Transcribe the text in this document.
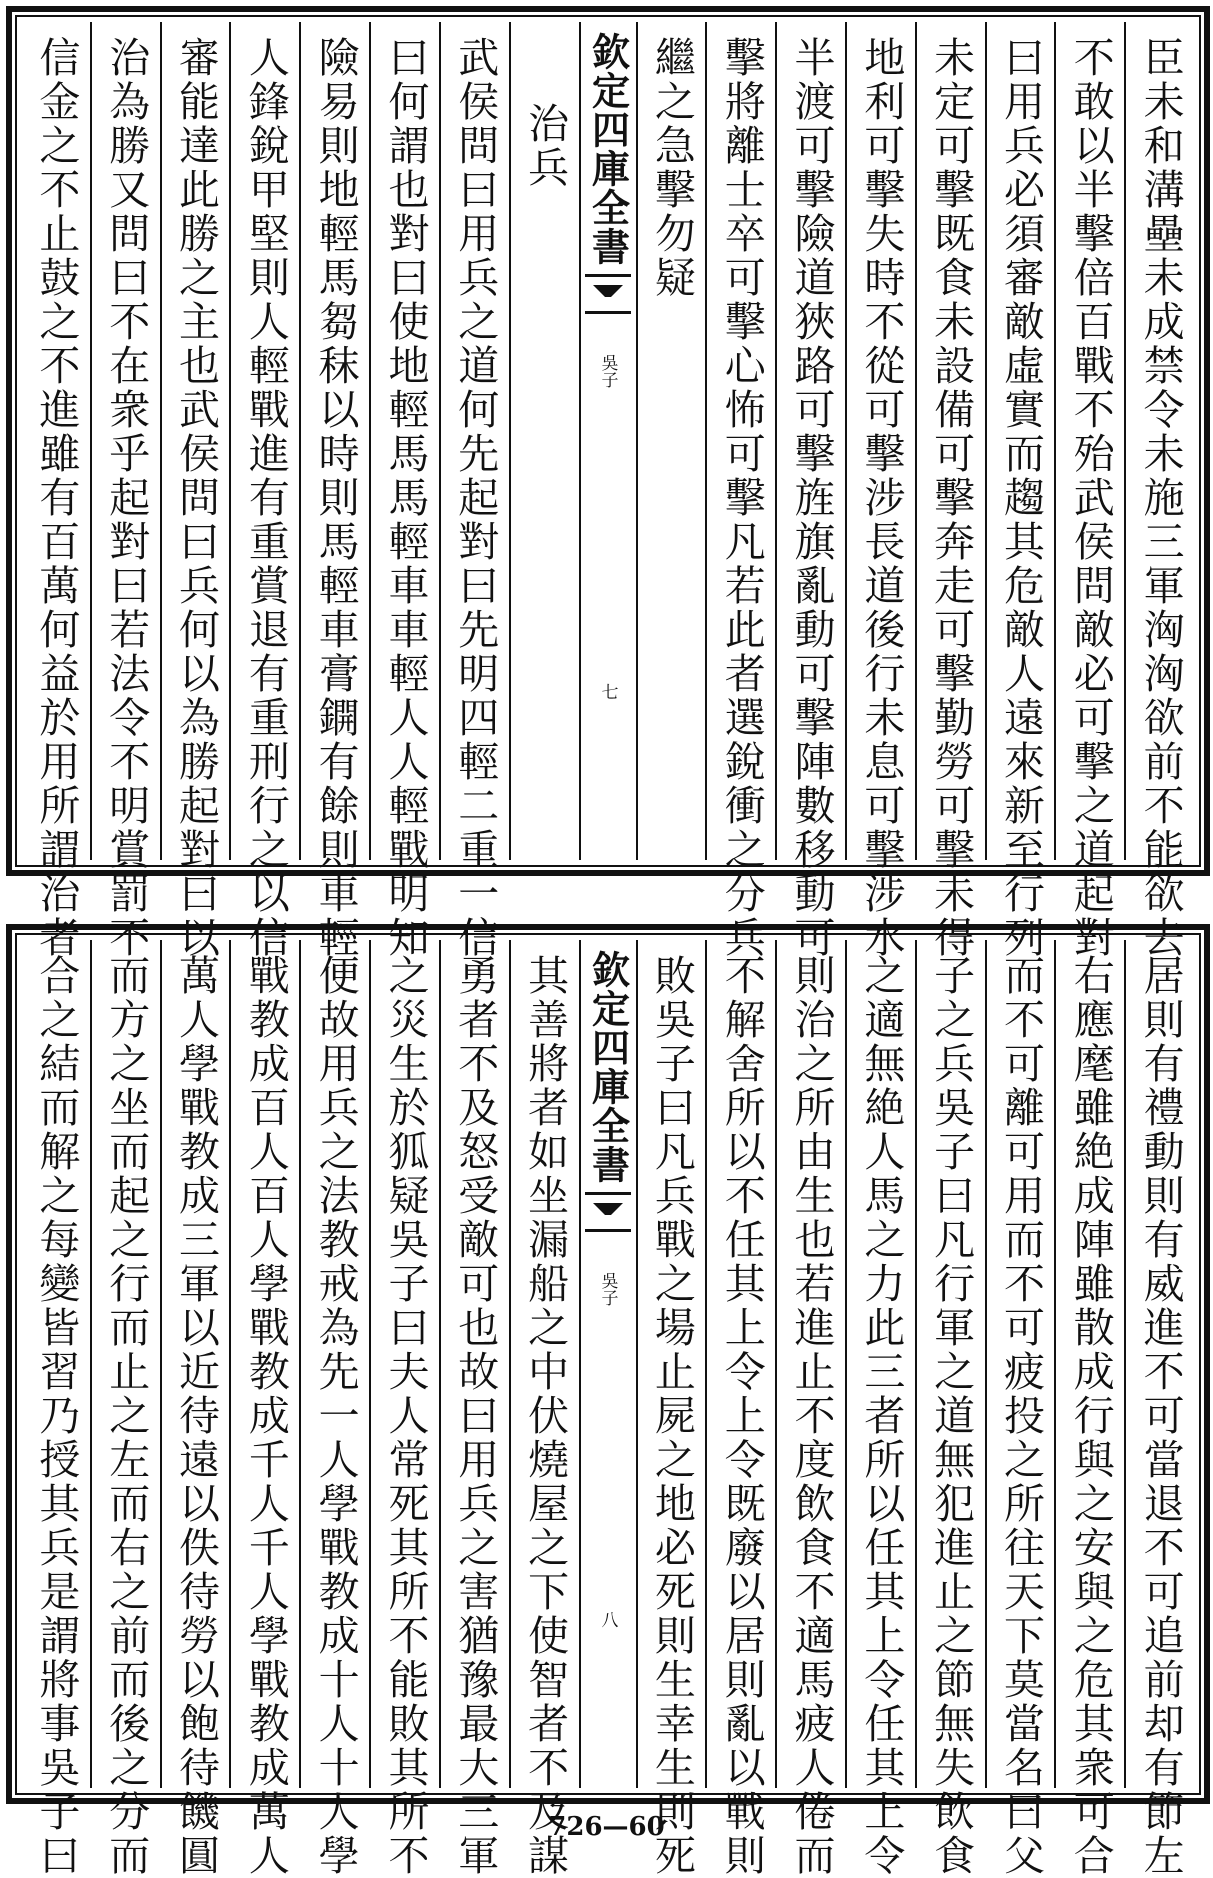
臣未和溝壘未成禁令未施三軍洶洶欲前不能欲去
不敢以半擊倍百戰不殆武侯問敵必可擊之道起對
曰用兵必須審敵虛實而趨其危敵人遠來新至行列
未定可擊既食未設備可擊奔走可擊勤勞可擊未得
地利可擊失時不從可擊涉長道後行未息可擊涉水
半渡可擊險道狹路可擊旌旗亂動可擊陣數移動可
擊將離士卒可擊心怖可擊凡若此者選銳衝之分兵
繼之急擊勿疑
欽定四庫全書
吳子
七
治兵
武侯問曰用兵之道何先起對曰先明四輕二重一信
曰何謂也對曰使地輕馬馬輕車車輕人人輕戰明知
險易則地輕馬芻秣以時則馬輕車膏鐦有餘則車輕
人鋒銳甲堅則人輕戰進有重賞退有重刑行之以信
審能達此勝之主也武侯問曰兵何以為勝起對曰以
治為勝又問曰不在衆乎起對曰若法令不明賞罰不
信金之不止鼓之不進雖有百萬何益於用所謂治者
居則有禮動則有威進不可當退不可追前却有節左
右應麾雖絶成陣雖散成行與之安與之危其衆可合
而不可離可用而不可疲投之所往天下莫當名曰父
子之兵吳子曰凡行軍之道無犯進止之節無失飲食
之適無絶人馬之力此三者所以任其上令任其上令
則治之所由生也若進止不度飲食不適馬疲人倦而
不解舍所以不任其上令上令既廢以居則亂以戰則
敗吳子曰凡兵戰之場止屍之地必死則生幸生則死
欽定四庫全書
吳子
八
其善將者如坐漏船之中伏燒屋之下使智者不及謀
勇者不及怒受敵可也故曰用兵之害猶豫最大三軍
之災生於狐疑吳子曰夫人常死其所不能敗其所不
便故用兵之法教戒為先一人學戰教成十人十人學
戰教成百人百人學戰教成千人千人學戰教成萬人
萬人學戰教成三軍以近待遠以佚待勞以飽待饑圓
而方之坐而起之行而止之左而右之前而後之分而
合之結而解之每變皆習乃授其兵是謂將事吳子曰	726—60
